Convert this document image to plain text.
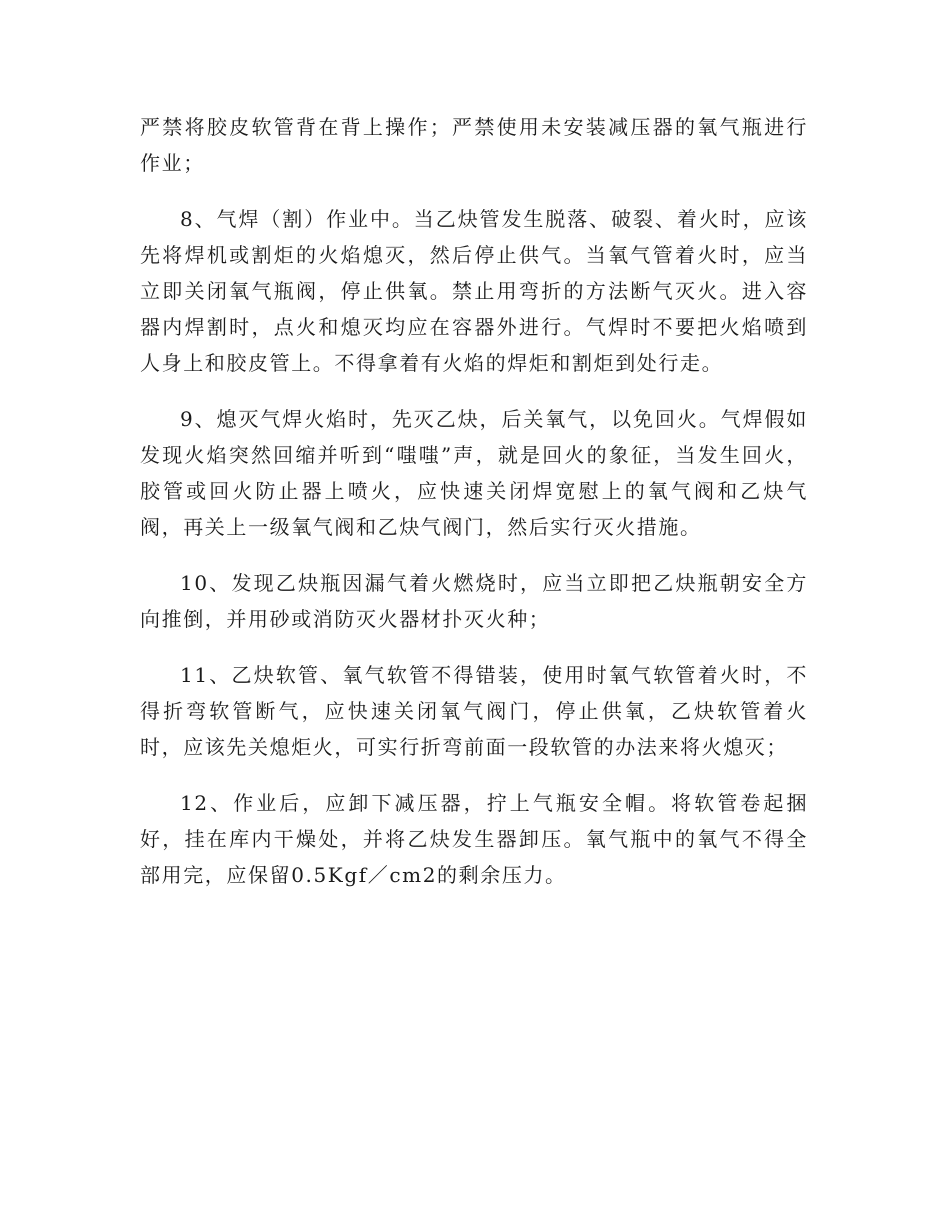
严禁将胶皮软管背在背上操作；严禁使用未安装减压器的氧气瓶进行作业；

8、气焊（割）作业中。当乙炔管发生脱落、破裂、着火时，应该先将焊机或割炬的火焰熄灭，然后停止供气。当氧气管着火时，应当立即关闭氧气瓶阀，停止供氧。禁止用弯折的方法断气灭火。进入容器内焊割时，点火和熄灭均应在容器外进行。气焊时不要把火焰喷到人身上和胶皮管上。不得拿着有火焰的焊炬和割炬到处行走。

9、熄灭气焊火焰时，先灭乙炔，后关氧气，以免回火。气焊假如发现火焰突然回缩并听到“嗤嗤”声，就是回火的象征，当发生回火，胶管或回火防止器上喷火，应快速关闭焊宽慰上的氧气阀和乙炔气阀，再关上一级氧气阀和乙炔气阀门，然后实行灭火措施。

10、发现乙炔瓶因漏气着火燃烧时，应当立即把乙炔瓶朝安全方向推倒，并用砂或消防灭火器材扑灭火种；

11、乙炔软管、氧气软管不得错装，使用时氧气软管着火时，不得折弯软管断气，应快速关闭氧气阀门，停止供氧，乙炔软管着火时，应该先关熄炬火，可实行折弯前面一段软管的办法来将火熄灭；

12、作业后，应卸下减压器，拧上气瓶安全帽。将软管卷起捆好，挂在库内干燥处，并将乙炔发生器卸压。氧气瓶中的氧气不得全部用完，应保留0.5Kgf／cm2的剩余压力。
